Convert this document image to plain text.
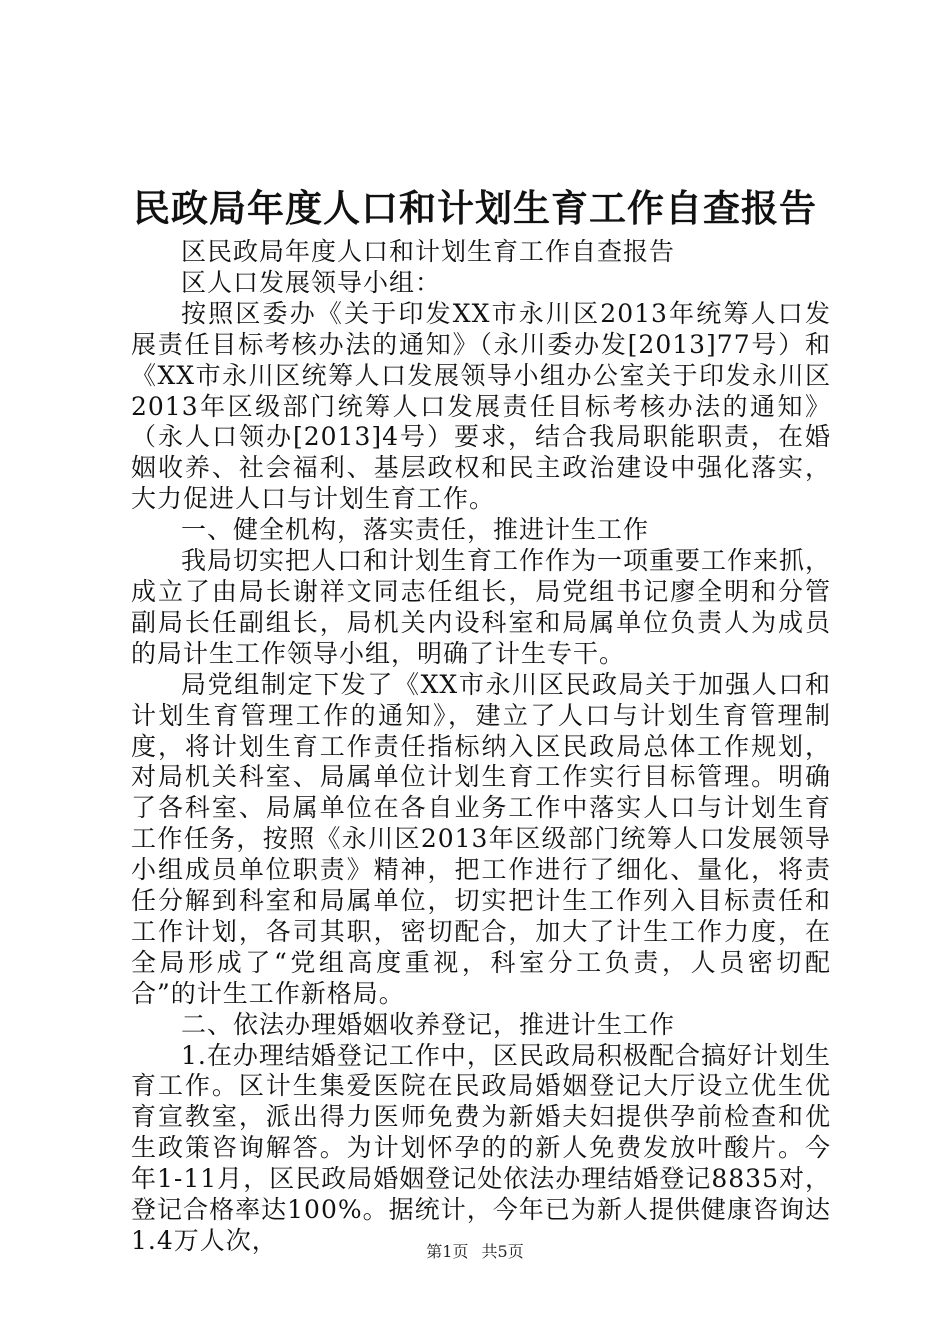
民政局年度人口和计划生育工作自查报告

区民政局年度人口和计划生育工作自查报告

区人口发展领导小组：

按照区委办《关于印发XX市永川区2013年统筹人口发展责任目标考核办法的通知》（永川委办发[2013]77号）和《XX市永川区统筹人口发展领导小组办公室关于印发永川区2013年区级部门统筹人口发展责任目标考核办法的通知》（永人口领办[2013]4号）要求，结合我局职能职责，在婚姻收养、社会福利、基层政权和民主政治建设中强化落实，大力促进人口与计划生育工作。

一、健全机构，落实责任，推进计生工作

我局切实把人口和计划生育工作作为一项重要工作来抓，成立了由局长谢祥文同志任组长，局党组书记廖全明和分管副局长任副组长，局机关内设科室和局属单位负责人为成员的局计生工作领导小组，明确了计生专干。

局党组制定下发了《XX市永川区民政局关于加强人口和计划生育管理工作的通知》，建立了人口与计划生育管理制度，将计划生育工作责任指标纳入区民政局总体工作规划，对局机关科室、局属单位计划生育工作实行目标管理。明确了各科室、局属单位在各自业务工作中落实人口与计划生育工作任务，按照《永川区2013年区级部门统筹人口发展领导小组成员单位职责》精神，把工作进行了细化、量化，将责任分解到科室和局属单位，切实把计生工作列入目标责任和工作计划，各司其职，密切配合，加大了计生工作力度，在全局形成了“党组高度重视，科室分工负责，人员密切配合”的计生工作新格局。

二、依法办理婚姻收养登记，推进计生工作

1.在办理结婚登记工作中，区民政局积极配合搞好计划生育工作。区计生集爱医院在民政局婚姻登记大厅设立优生优育宣教室，派出得力医师免费为新婚夫妇提供孕前检查和优生政策咨询解答。为计划怀孕的的新人免费发放叶酸片。今年1-11月，区民政局婚姻登记处依法办理结婚登记8835对，登记合格率达100%。据统计，今年已为新人提供健康咨询达1.4万人次，	第1页 共5页
